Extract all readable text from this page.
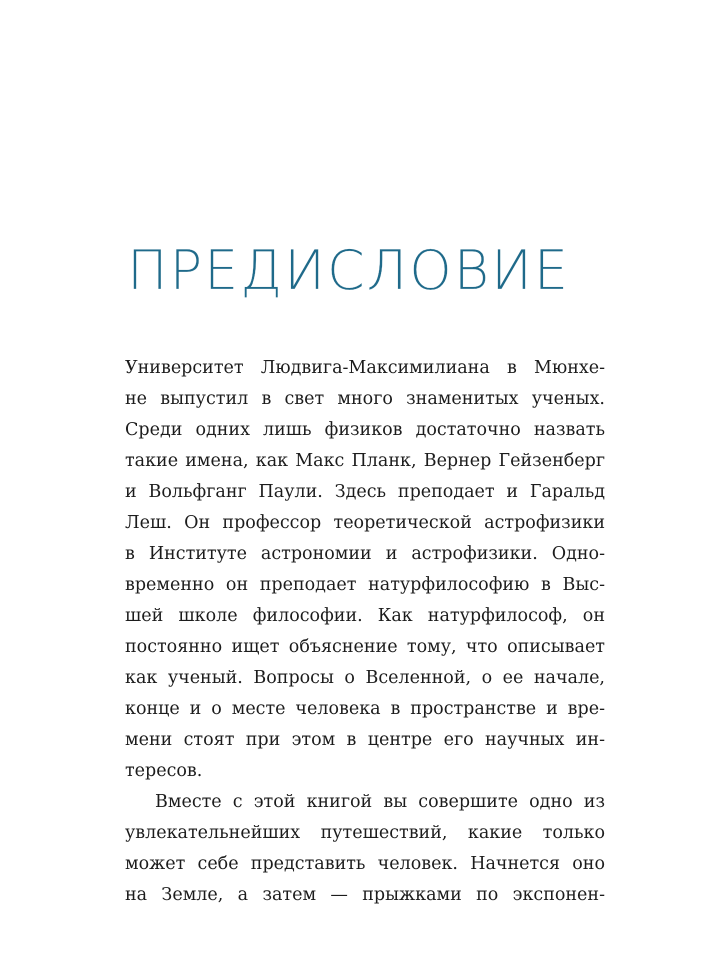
ПРЕДИСЛОВИЕ
Университет Людвига-Максимилиана в Мюнхе-
не выпустил в свет много знаменитых ученых.
Среди одних лишь физиков достаточно назвать
такие имена, как Макс Планк, Вернер Гейзенберг
и Вольфганг Паули. Здесь преподает и Гаральд
Леш. Он профессор теоретической астрофизики
в Институте астрономии и астрофизики. Одно-
временно он преподает натурфилософию в Выс-
шей школе философии. Как натурфилософ, он
постоянно ищет объяснение тому, что описывает
как ученый. Вопросы о Вселенной, о ее начале,
конце и о месте человека в пространстве и вре-
мени стоят при этом в центре его научных ин-
тересов.
Вместе с этой книгой вы совершите одно из
увлекательнейших путешествий, какие только
может себе представить человек. Начнется оно
на Земле, а затем — прыжками по экспонен-
